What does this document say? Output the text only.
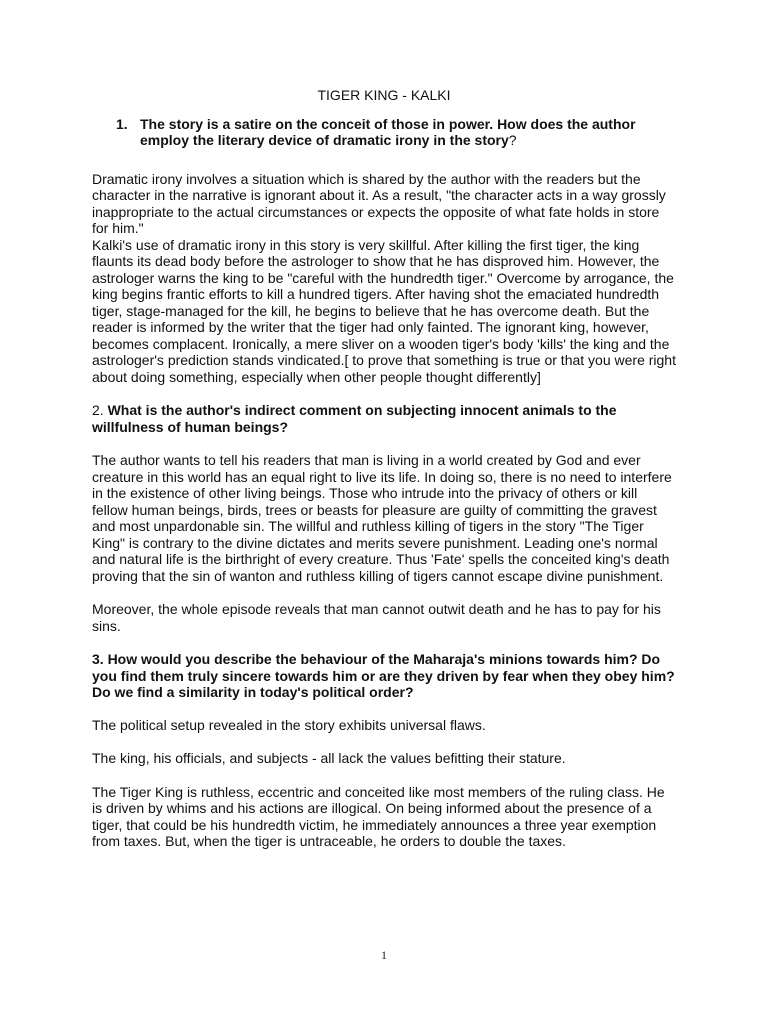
TIGER KING - KALKI
1. The story is a satire on the conceit of those in power. How does the author employ the literary device of dramatic irony in the story?

Dramatic irony involves a situation which is shared by the author with the readers but the character in the narrative is ignorant about it. As a result, "the character acts in a way grossly inappropriate to the actual circumstances or expects the opposite of what fate holds in store for him."

Kalki's use of dramatic irony in this story is very skillful. After killing the first tiger, the king flaunts its dead body before the astrologer to show that he has disproved him. However, the astrologer warns the king to be "careful with the hundredth tiger." Overcome by arrogance, the king begins frantic efforts to kill a hundred tigers. After having shot the emaciated hundredth tiger, stage-managed for the kill, he begins to believe that he has overcome death. But the reader is informed by the writer that the tiger had only fainted. The ignorant king, however, becomes complacent. Ironically, a mere sliver on a wooden tiger's body 'kills' the king and the astrologer's prediction stands vindicated.[ to prove that something is true or that you were right about doing something, especially when other people thought differently]

2. What is the author's indirect comment on subjecting innocent animals to the willfulness of human beings?

The author wants to tell his readers that man is living in a world created by God and ever creature in this world has an equal right to live its life. In doing so, there is no need to interfere in the existence of other living beings. Those who intrude into the privacy of others or kill fellow human beings, birds, trees or beasts for pleasure are guilty of committing the gravest and most unpardonable sin. The willful and ruthless killing of tigers in the story "The Tiger King" is contrary to the divine dictates and merits severe punishment. Leading one's normal and natural life is the birthright of every creature. Thus 'Fate' spells the conceited king's death proving that the sin of wanton and ruthless killing of tigers cannot escape divine punishment.

Moreover, the whole episode reveals that man cannot outwit death and he has to pay for his sins.

3. How would you describe the behaviour of the Maharaja's minions towards him? Do you find them truly sincere towards him or are they driven by fear when they obey him? Do we find a similarity in today's political order?

The political setup revealed in the story exhibits universal flaws.

The king, his officials, and subjects - all lack the values befitting their stature.

The Tiger King is ruthless, eccentric and conceited like most members of the ruling class. He is driven by whims and his actions are illogical. On being informed about the presence of a tiger, that could be his hundredth victim, he immediately announces a three year exemption from taxes. But, when the tiger is untraceable, he orders to double the taxes.

1
